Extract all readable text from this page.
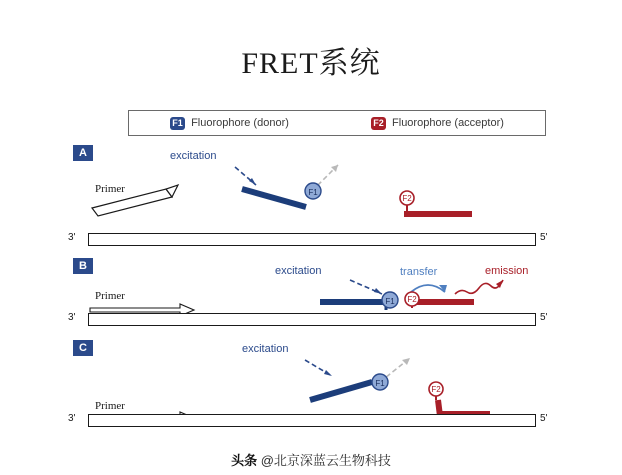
FRET系统
F1 Fluorophore (donor)	F2 Fluorophore (acceptor)
A	excitation
Primer	F1
F2
3'	5'
B	excitation	transfer	emission
Primer	F1 F2
3'	5'
C	excitation
Primer
F1
F2
3'	5'
头条 @北京深蓝云生物科技
